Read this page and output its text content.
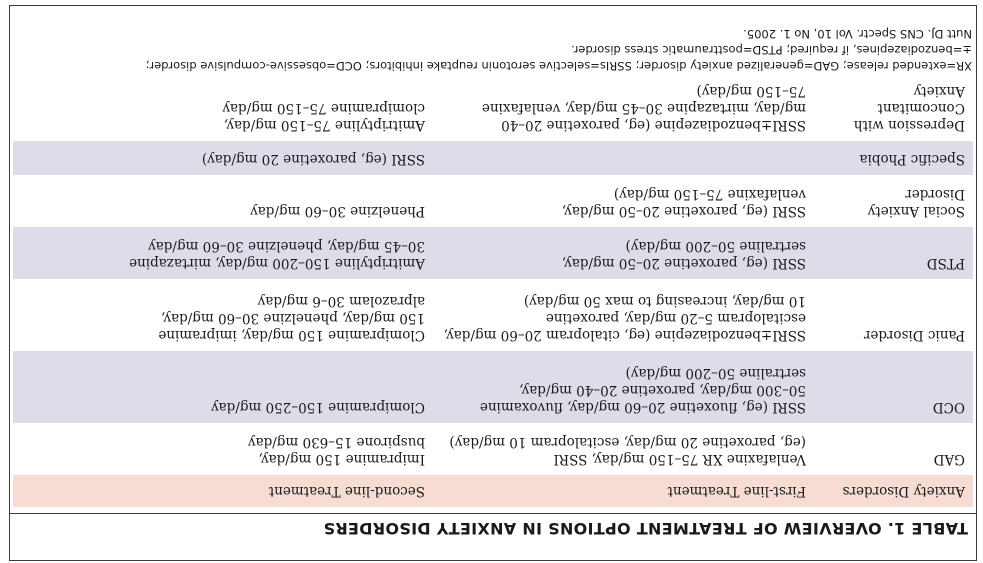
TABLE 1. OVERVIEW OF TREATMENT OPTIONS IN ANXIETY DISORDERS
Anxiety Disorders
First-line Treatment
Second-line Treatment
GAD
Venlafaxine XR 75–150 mg/day, SSRI
(eg, paroxetine 20 mg/day, escitalopram 10 mg/day)
Imipramine 150 mg/day,
buspirone 15–630 mg/day
OCD
SSRI (eg, fluoxetine 20–60 mg/day, fluvoxamine
50–300 mg/day, paroxetine 20–40 mg/day,
sertraline 50–200 mg/day)
Clomipramine 150–250 mg/day
Panic Disorder
SSRI±benzodiazepine (eg, citalopram 20–60 mg/day,
escitalopram 5–20 mg/day, paroxetine
10 mg/day, increasing to max 50 mg/day)
Clomipramine 150 mg/day, imipramine
150 mg/day, phenelzine 30–60 mg/day,
alprazolam 30–6 mg/day
PTSD
SSRI (eg, paroxetine 20–50 mg/day,
sertraline 50–200 mg/day)
Amitriptyline 150–200 mg/day, mirtazapine
30–45 mg/day, phenelzine 30–60 mg/day
Social Anxiety
Disorder
SSRI (eg, paroxetine 20–50 mg/day,
venlafaxine 75–150 mg/day)
Phenelzine 30–60 mg/day
Specific Phobia
SSRI (eg, paroxetine 20 mg/day)
Depression with
Concomitant
Anxiety
SSRI±benzodiazepine (eg, paroxetine 20–40
mg/day, mirtazapine 30–45 mg/day, venlafaxine
75–150 mg/day)
Amitriptyline 75–150 mg/day,
clomipramine 75–150 mg/day
XR=extended release; GAD=generalized anxiety disorder; SSRIs=selective serotonin reuptake inhibitors; OCD=obsessive-compulsive disorder;
±=benzodiazepines, if required; PTSD=posttraumatic stress disorder.
Nutt DJ. CNS Spectr. Vol 10, No 1. 2005.
